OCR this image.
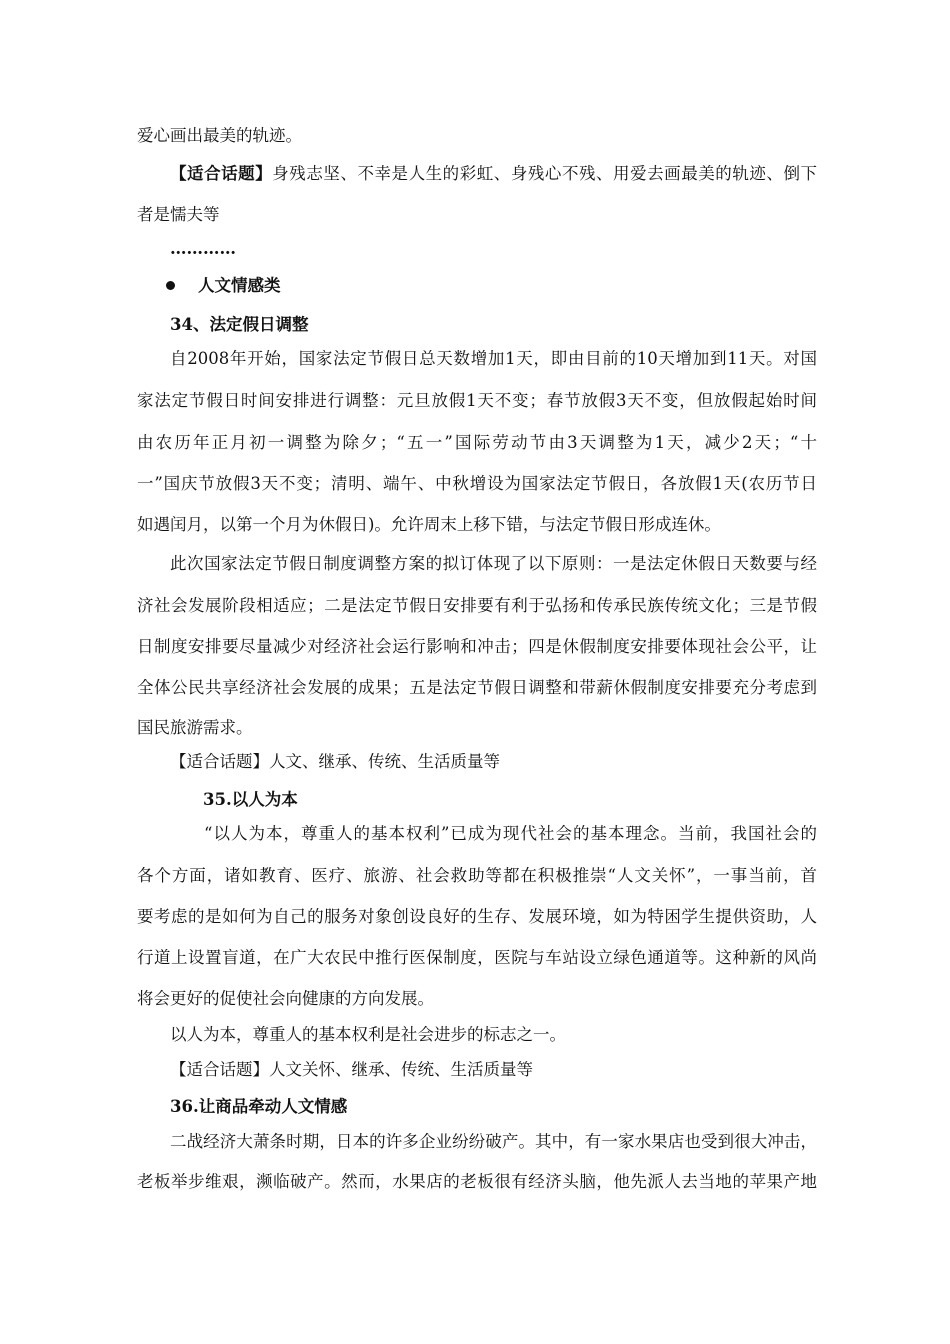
爱心画出最美的轨迹。
【适合话题】身残志坚、不幸是人生的彩虹、身残心不残、用爱去画最美的轨迹、倒下
者是懦夫等
…………
人文情感类
34、法定假日调整
自2008年开始，国家法定节假日总天数增加1天，即由目前的10天增加到11天。对国
家法定节假日时间安排进行调整：元旦放假1天不变；春节放假3天不变，但放假起始时间
由农历年正月初一调整为除夕；“五一”国际劳动节由3天调整为1天，减少2天；“十
一”国庆节放假3天不变；清明、端午、中秋增设为国家法定节假日，各放假1天(农历节日
如遇闰月，以第一个月为休假日)。允许周末上移下错，与法定节假日形成连休。
此次国家法定节假日制度调整方案的拟订体现了以下原则：一是法定休假日天数要与经
济社会发展阶段相适应；二是法定节假日安排要有利于弘扬和传承民族传统文化；三是节假
日制度安排要尽量减少对经济社会运行影响和冲击；四是休假制度安排要体现社会公平，让
全体公民共享经济社会发展的成果；五是法定节假日调整和带薪休假制度安排要充分考虑到
国民旅游需求。
【适合话题】人文、继承、传统、生活质量等
35.以人为本
“以人为本，尊重人的基本权利”已成为现代社会的基本理念。当前，我国社会的
各个方面，诸如教育、医疗、旅游、社会救助等都在积极推崇“人文关怀”，一事当前，首
要考虑的是如何为自己的服务对象创设良好的生存、发展环境，如为特困学生提供资助，人
行道上设置盲道，在广大农民中推行医保制度，医院与车站设立绿色通道等。这种新的风尚
将会更好的促使社会向健康的方向发展。
以人为本，尊重人的基本权利是社会进步的标志之一。
【适合话题】人文关怀、继承、传统、生活质量等
36.让商品牵动人文情感
二战经济大萧条时期，日本的许多企业纷纷破产。其中，有一家水果店也受到很大冲击，
老板举步维艰，濒临破产。然而，水果店的老板很有经济头脑，他先派人去当地的苹果产地
